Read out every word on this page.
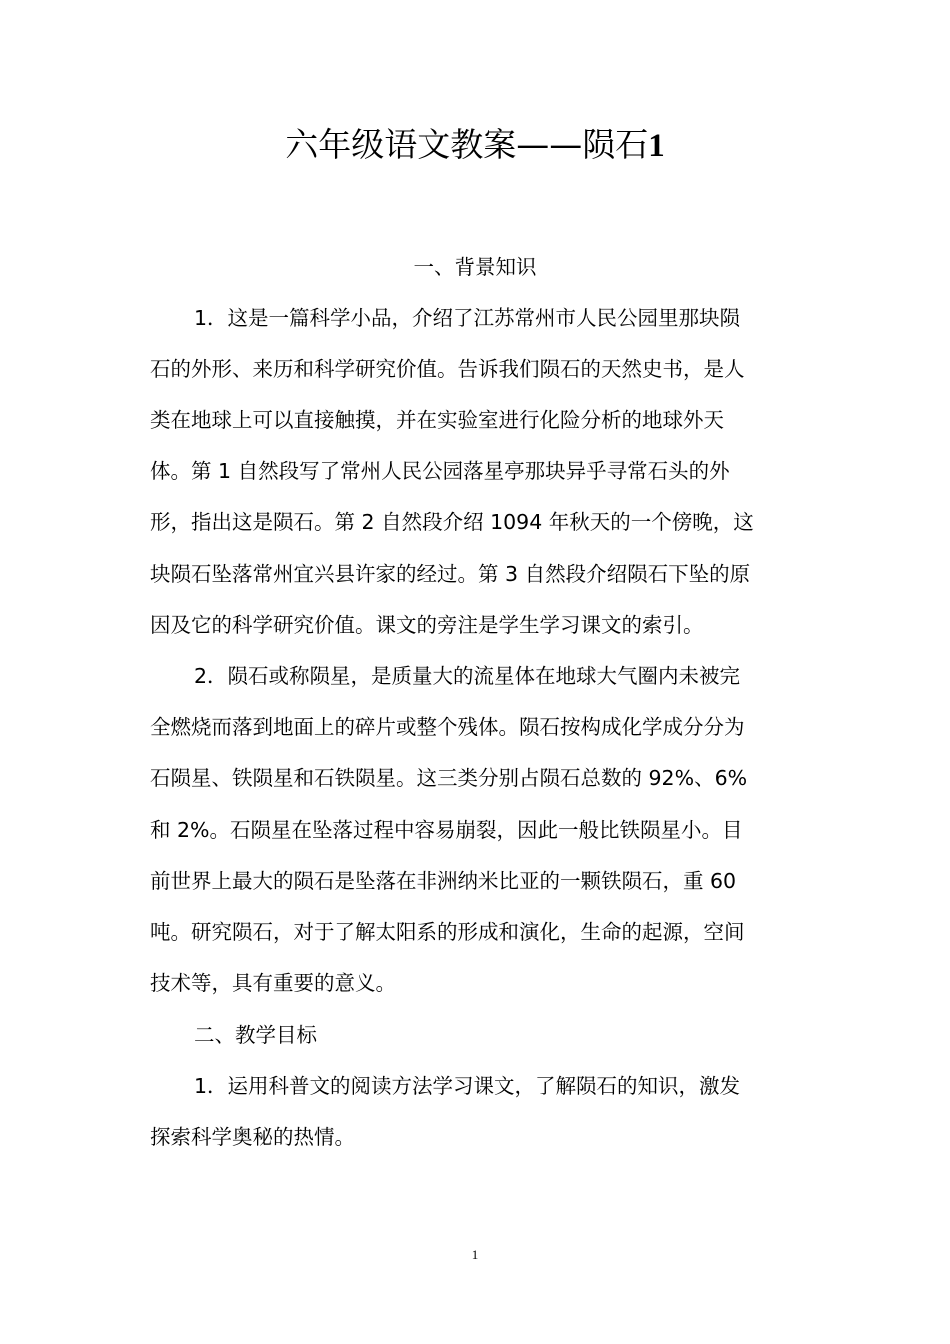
六年级语文教案——陨石1
一、背景知识
1．这是一篇科学小品，介绍了江苏常州市人民公园里那块陨
石的外形、来历和科学研究价值。告诉我们陨石的天然史书，是人
类在地球上可以直接触摸，并在实验室进行化险分析的地球外天
体。第 1 自然段写了常州人民公园落星亭那块异乎寻常石头的外
形，指出这是陨石。第 2 自然段介绍 1094 年秋天的一个傍晚，这
块陨石坠落常州宜兴县许家的经过。第 3 自然段介绍陨石下坠的原
因及它的科学研究价值。课文的旁注是学生学习课文的索引。
2．陨石或称陨星，是质量大的流星体在地球大气圈内未被完
全燃烧而落到地面上的碎片或整个残体。陨石按构成化学成分分为
石陨星、铁陨星和石铁陨星。这三类分别占陨石总数的 92%、6%
和 2%。石陨星在坠落过程中容易崩裂，因此一般比铁陨星小。目
前世界上最大的陨石是坠落在非洲纳米比亚的一颗铁陨石，重 60
吨。研究陨石，对于了解太阳系的形成和演化，生命的起源，空间
技术等，具有重要的意义。
二、教学目标
1．运用科普文的阅读方法学习课文，了解陨石的知识，激发
探索科学奥秘的热情。
1
